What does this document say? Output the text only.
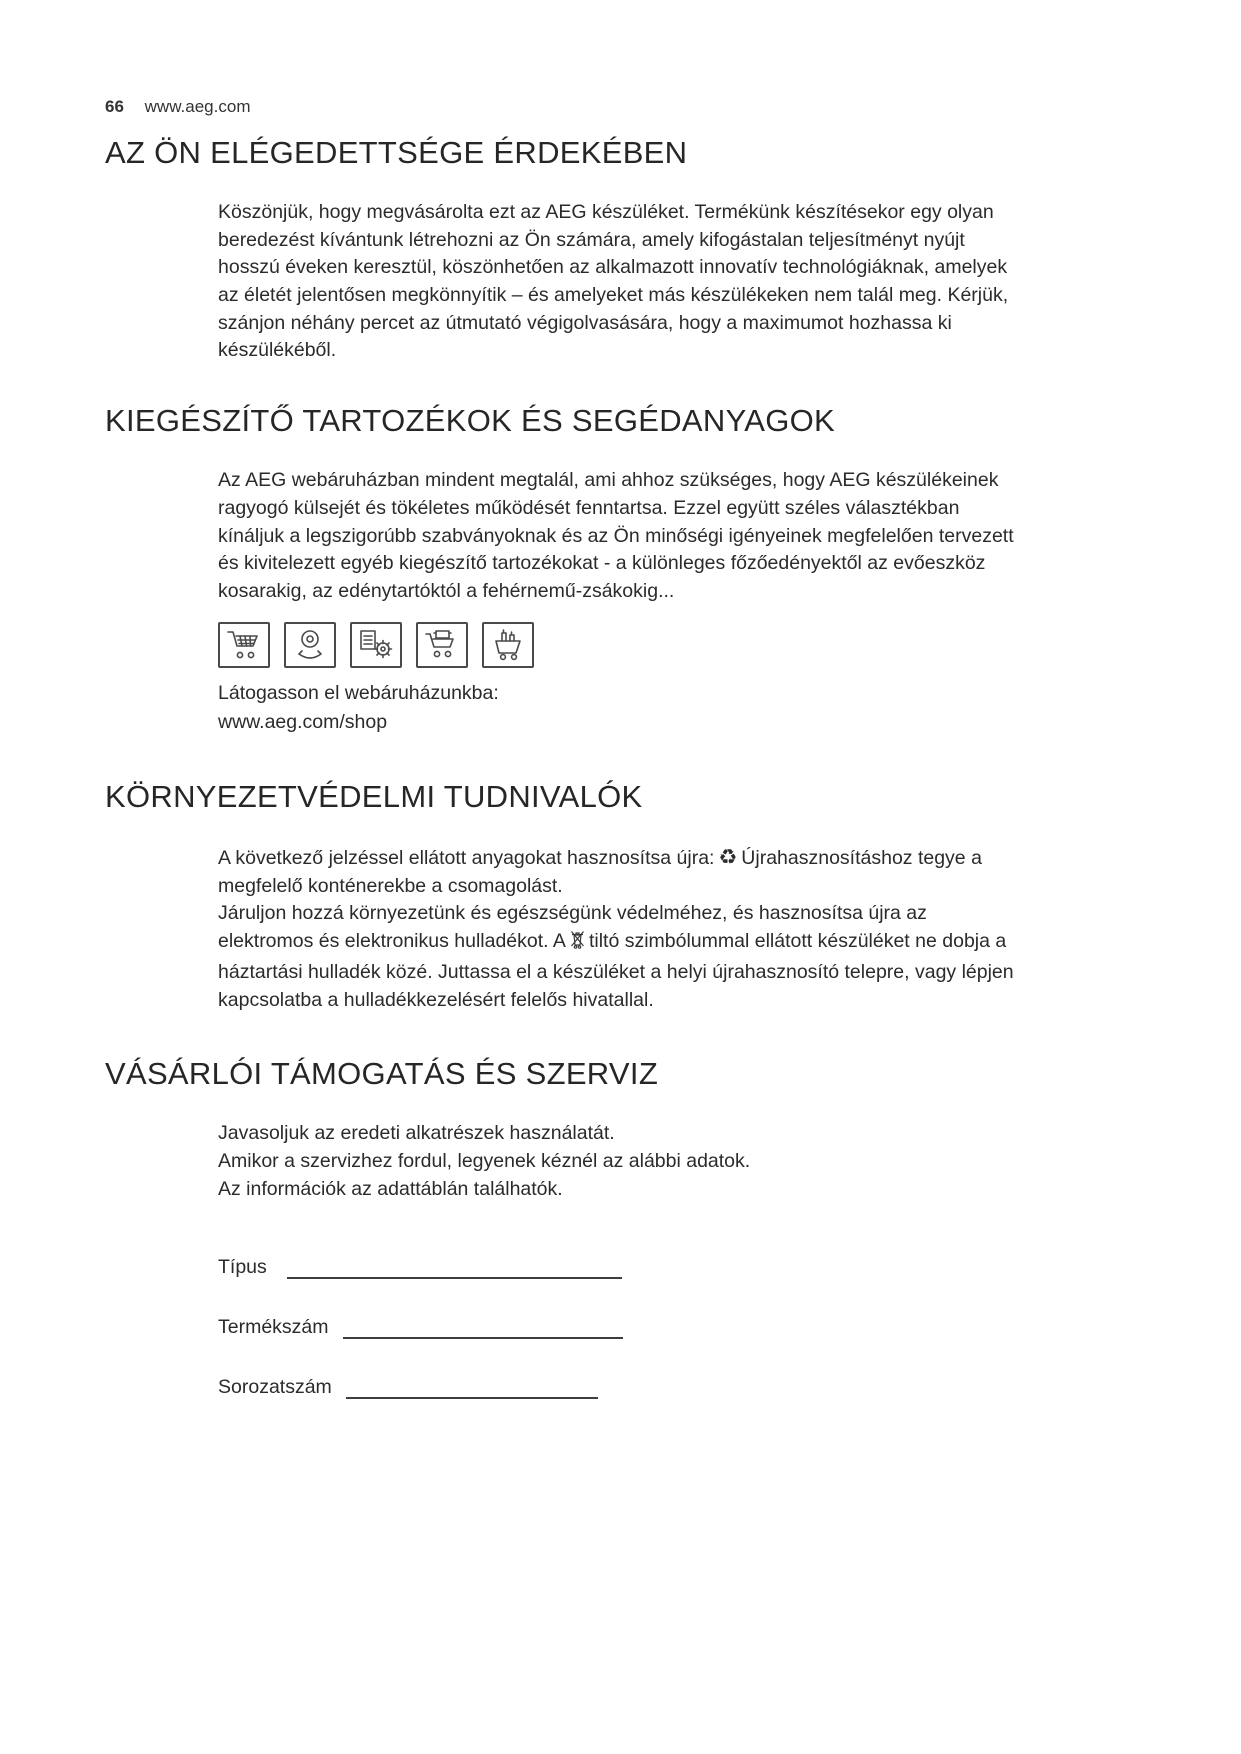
66 www.aeg.com
AZ ÖN ELÉGEDETTSÉGE ÉRDEKÉBEN
Köszönjük, hogy megvásárolta ezt az AEG készüléket. Termékünk készítésekor egy olyan beredezést kívántunk létrehozni az Ön számára, amely kifogástalan teljesítményt nyújt hosszú éveken keresztül, köszönhetően az alkalmazott innovatív technológiáknak, amelyek az életét jelentősen megkönnyítik – és amelyeket más készülékeken nem talál meg. Kérjük, szánjon néhány percet az útmutató végigolvasására, hogy a maximumot hozhassa ki készülékéből.
KIEGÉSZÍTŐ TARTOZÉKOK ÉS SEGÉDANYAGOK
Az AEG webáruházban mindent megtalál, ami ahhoz szükséges, hogy AEG készülékeinek ragyogó külsejét és tökéletes működését fenntartsa. Ezzel együtt széles választékban kínáljuk a legszigorúbb szabványoknak és az Ön minőségi igényeinek megfelelően tervezett és kivitelezett egyéb kiegészítő tartozékokat - a különleges főzőedényektől az evőeszköz kosarakig, az edénytartóktól a fehérnemű-zsákokig...
Látogasson el webáruházunkba:
www.aeg.com/shop
KÖRNYEZETVÉDELMI TUDNIVALÓK

A következő jelzéssel ellátott anyagokat hasznosítsa újra: ♻ Újrahasznosításhoz tegye a megfelelő konténerekbe a csomagolást.

Járuljon hozzá környezetünk és egészségünk védelméhez, és hasznosítsa újra az elektromos és elektronikus hulladékot. A tiltó szimbólummal ellátott készüléket ne dobja a háztartási hulladék közé. Juttassa el a készüléket a helyi újrahasznosító telepre, vagy lépjen kapcsolatba a hulladékkezelésért felelős hivatallal.

VÁSÁRLÓI TÁMOGATÁS ÉS SZERVIZ
Javasoljuk az eredeti alkatrészek használatát.
Amikor a szervizhez fordul, legyenek kéznél az alábbi adatok.
Az információk az adattáblán találhatók.
Típus
Termékszám
Sorozatszám
